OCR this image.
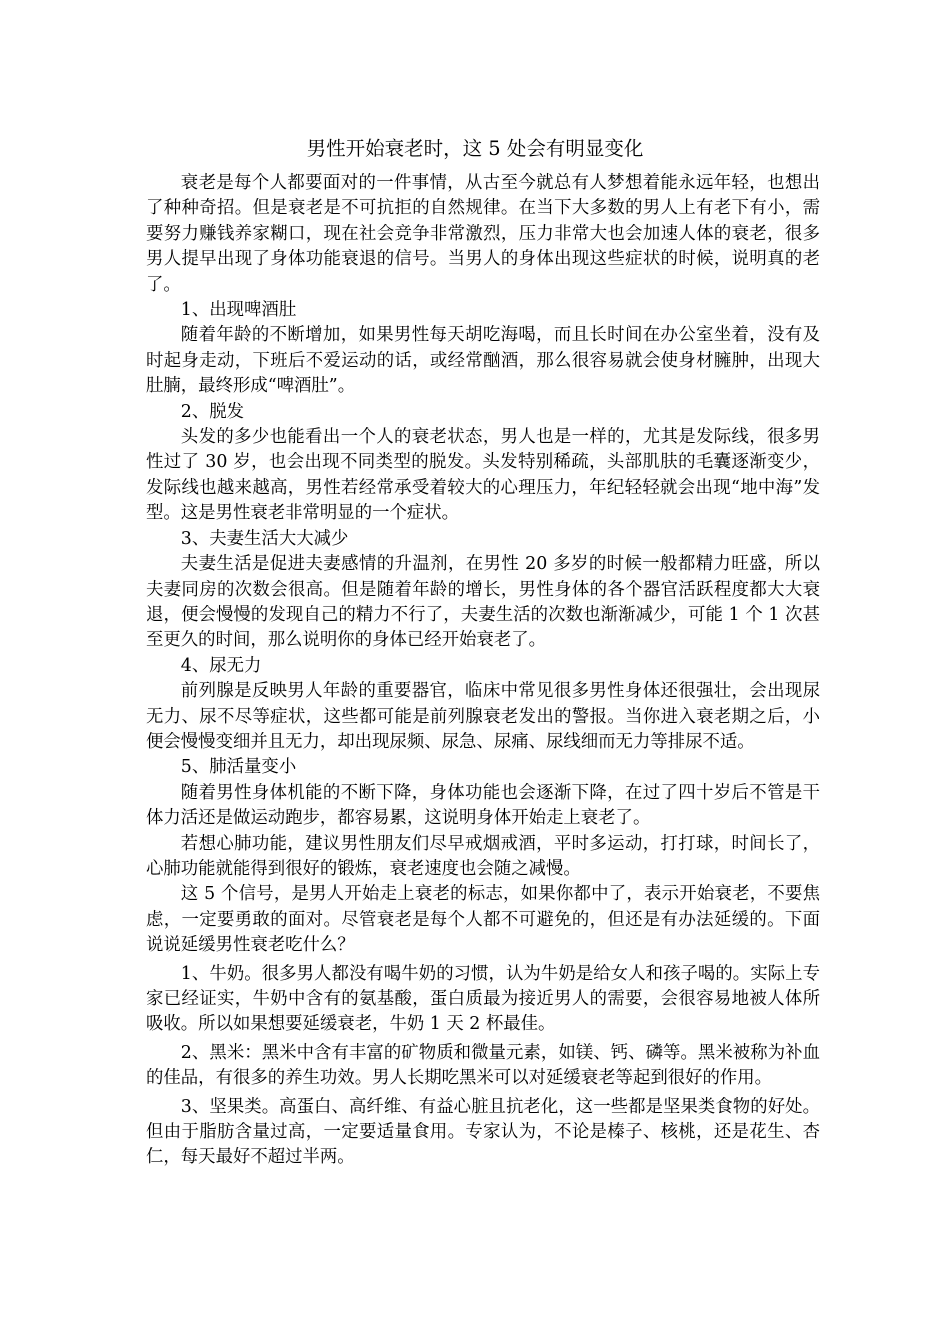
男性开始衰老时，这 5 处会有明显变化

衰老是每个人都要面对的一件事情，从古至今就总有人梦想着能永远年轻，也想出了种种奇招。但是衰老是不可抗拒的自然规律。在当下大多数的男人上有老下有小，需要努力赚钱养家糊口，现在社会竞争非常激烈，压力非常大也会加速人体的衰老，很多男人提早出现了身体功能衰退的信号。当男人的身体出现这些症状的时候，说明真的老了。

1、出现啤酒肚

随着年龄的不断增加，如果男性每天胡吃海喝，而且长时间在办公室坐着，没有及时起身走动，下班后不爱运动的话，或经常酗酒，那么很容易就会使身材臃肿，出现大肚腩，最终形成“啤酒肚”。

2、脱发

头发的多少也能看出一个人的衰老状态，男人也是一样的，尤其是发际线，很多男性过了 30 岁，也会出现不同类型的脱发。头发特别稀疏，头部肌肤的毛囊逐渐变少，发际线也越来越高，男性若经常承受着较大的心理压力，年纪轻轻就会出现“地中海”发型。这是男性衰老非常明显的一个症状。

3、夫妻生活大大减少

夫妻生活是促进夫妻感情的升温剂，在男性 20 多岁的时候一般都精力旺盛，所以夫妻同房的次数会很高。但是随着年龄的增长，男性身体的各个器官活跃程度都大大衰退，便会慢慢的发现自己的精力不行了，夫妻生活的次数也渐渐减少，可能 1 个 1 次甚至更久的时间，那么说明你的身体已经开始衰老了。

4、尿无力

前列腺是反映男人年龄的重要器官，临床中常见很多男性身体还很强壮，会出现尿无力、尿不尽等症状，这些都可能是前列腺衰老发出的警报。当你进入衰老期之后，小便会慢慢变细并且无力，却出现尿频、尿急、尿痛、尿线细而无力等排尿不适。

5、肺活量变小

随着男性身体机能的不断下降，身体功能也会逐渐下降，在过了四十岁后不管是干体力活还是做运动跑步，都容易累，这说明身体开始走上衰老了。

若想心肺功能，建议男性朋友们尽早戒烟戒酒，平时多运动，打打球，时间长了，心肺功能就能得到很好的锻炼，衰老速度也会随之减慢。

这 5 个信号，是男人开始走上衰老的标志，如果你都中了，表示开始衰老，不要焦虑，一定要勇敢的面对。尽管衰老是每个人都不可避免的，但还是有办法延缓的。下面说说延缓男性衰老吃什么？

1、牛奶。很多男人都没有喝牛奶的习惯，认为牛奶是给女人和孩子喝的。实际上专家已经证实，牛奶中含有的氨基酸，蛋白质最为接近男人的需要，会很容易地被人体所吸收。所以如果想要延缓衰老，牛奶 1 天 2 杯最佳。

2、黑米：黑米中含有丰富的矿物质和微量元素，如镁、钙、磷等。黑米被称为补血的佳品，有很多的养生功效。男人长期吃黑米可以对延缓衰老等起到很好的作用。

3、坚果类。高蛋白、高纤维、有益心脏且抗老化，这一些都是坚果类食物的好处。但由于脂肪含量过高，一定要适量食用。专家认为，不论是榛子、核桃，还是花生、杏仁，每天最好不超过半两。
